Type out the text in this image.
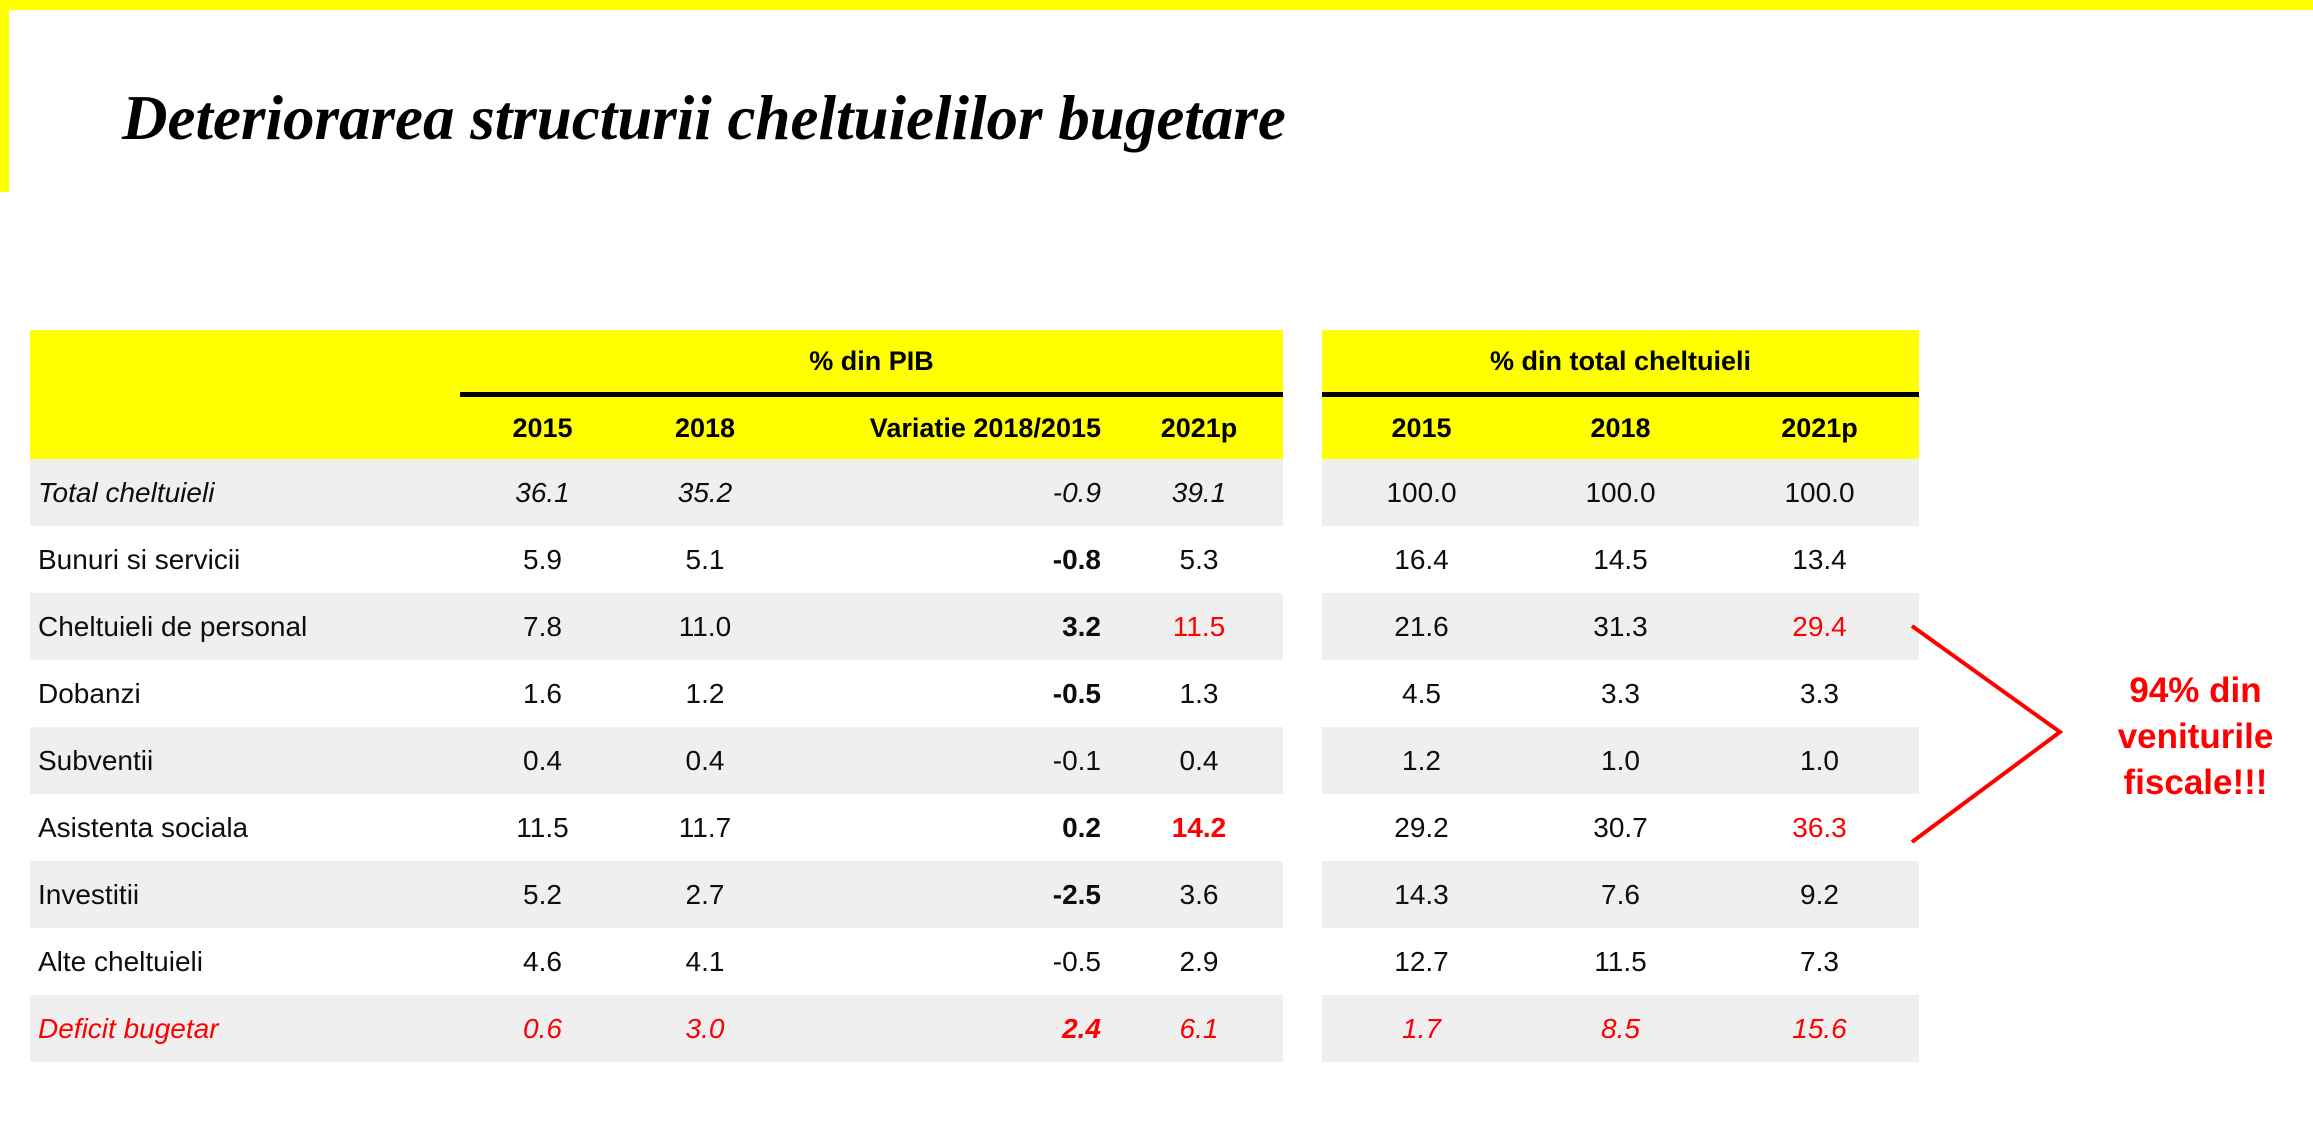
Deteriorarea structurii cheltuielilor bugetare
	% din PIB			
	2015	2018	Variatie 2018/2015	2021p
Total cheltuieli	36.1	35.2	-0.9	39.1
Bunuri si servicii	5.9	5.1	-0.8	5.3
Cheltuieli de personal	7.8	11.0	3.2	11.5
Dobanzi	1.6	1.2	-0.5	1.3
Subventii	0.4	0.4	-0.1	0.4
Asistenta sociala	11.5	11.7	0.2	14.2
Investitii	5.2	2.7	-2.5	3.6
Alte cheltuieli	4.6	4.1	-0.5	2.9
Deficit bugetar	0.6	3.0	2.4	6.1
% din total cheltuieli		
2015	2018	2021p
100.0	100.0	100.0
16.4	14.5	13.4
21.6	31.3	29.4
4.5	3.3	3.3
1.2	1.0	1.0
29.2	30.7	36.3
14.3	7.6	9.2
12.7	11.5	7.3
1.7	8.5	15.6
94% din
veniturile
fiscale!!!
